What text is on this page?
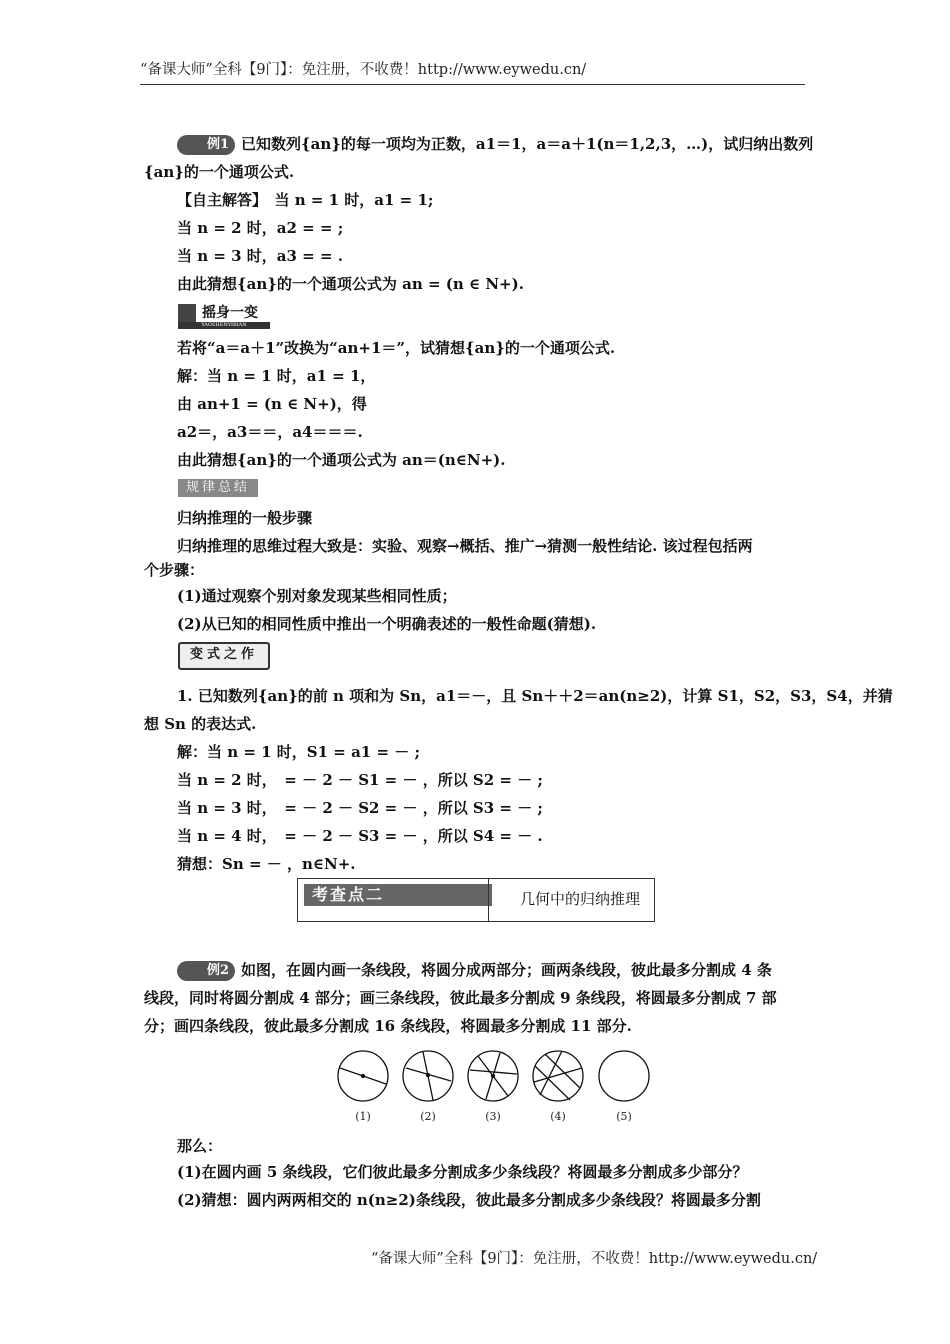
“备课大师”全科【9门】：免注册，不收费！http://www.eywedu.cn/
例1 已知数列{an}的每一项均为正数，a1＝1，a＝a＋1(n＝1,2,3，…)，试归纳出数列
{an}的一个通项公式.
【自主解答】　当 n = 1 时，a1 = 1;
当 n = 2 时，a2 = = ;
当 n = 3 时，a3 = = .
由此猜想{an}的一个通项公式为 an = (n ∈ N+).
摇身一变
YAOSHENYIBIAN
若将“a＝a＋1”改换为“an+1＝”，试猜想{an}的一个通项公式.
解：当 n = 1 时，a1 = 1，
由 an+1 = (n ∈ N+)，得
a2＝，a3＝＝，a4＝＝＝.
由此猜想{an}的一个通项公式为 an＝(n∈N+).
规律总结
归纳推理的一般步骤
归纳推理的思维过程大致是：实验、观察→概括、推广→猜测一般性结论. 该过程包括两
个步骤：
(1)通过观察个别对象发现某些相同性质；
(2)从已知的相同性质中推出一个明确表述的一般性命题(猜想).
变式之作
1. 已知数列{an}的前 n 项和为 Sn，a1＝－，且 Sn＋＋2＝an(n≥2)，计算 S1，S2，S3，S4，并猜
想 Sn 的表达式.
解：当 n = 1 时，S1 = a1 = － ;
当 n = 2 时，　= － 2 － S1 = － ，所以 S2 = － ;
当 n = 3 时，　= － 2 － S2 = － ，所以 S3 = － ;
当 n = 4 时，　= － 2 － S3 = － ，所以 S4 = － .
猜想：Sn = － ，n∈N+.
考查点二	几何中的归纳推理
例2 如图，在圆内画一条线段，将圆分成两部分；画两条线段，彼此最多分割成 4 条
线段，同时将圆分割成 4 部分；画三条线段，彼此最多分割成 9 条线段，将圆最多分割成 7 部
分；画四条线段，彼此最多分割成 16 条线段，将圆最多分割成 11 部分.
(1)	(2)	(3)	(4)	(5)
那么：
(1)在圆内画 5 条线段，它们彼此最多分割成多少条线段？将圆最多分割成多少部分？
(2)猜想：圆内两两相交的 n(n≥2)条线段，彼此最多分割成多少条线段？将圆最多分割
“备课大师”全科【9门】：免注册，不收费！http://www.eywedu.cn/
